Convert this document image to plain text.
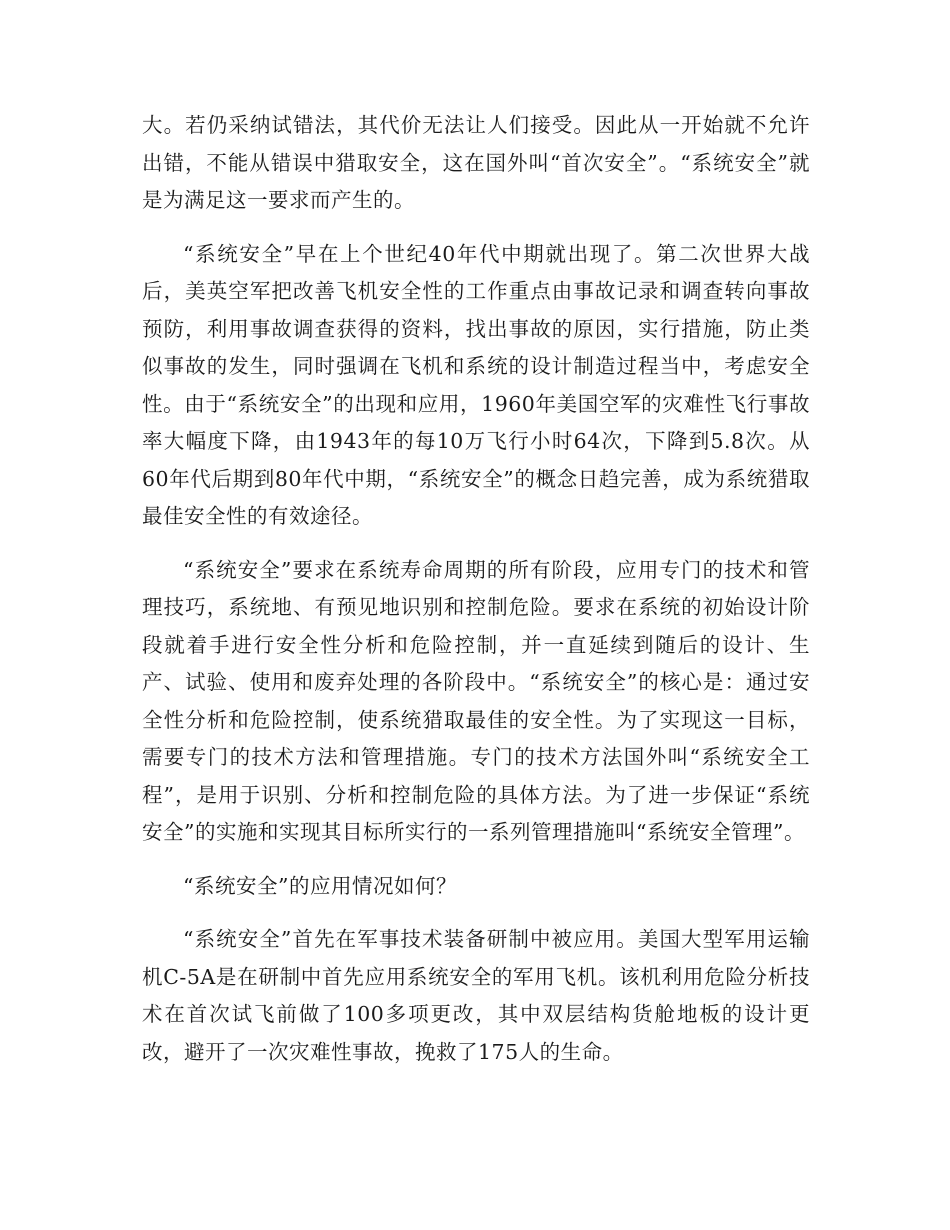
大。若仍采纳试错法，其代价无法让人们接受。因此从一开始就不允许出错，不能从错误中猎取安全，这在国外叫“首次安全”。“系统安全”就是为满足这一要求而产生的。

“系统安全”早在上个世纪40年代中期就出现了。第二次世界大战后，美英空军把改善飞机安全性的工作重点由事故记录和调查转向事故预防，利用事故调查获得的资料，找出事故的原因，实行措施，防止类似事故的发生，同时强调在飞机和系统的设计制造过程当中，考虑安全性。由于“系统安全”的出现和应用，1960年美国空军的灾难性飞行事故率大幅度下降，由1943年的每10万飞行小时64次，下降到5.8次。从60年代后期到80年代中期，“系统安全”的概念日趋完善，成为系统猎取最佳安全性的有效途径。

“系统安全”要求在系统寿命周期的所有阶段，应用专门的技术和管理技巧，系统地、有预见地识别和控制危险。要求在系统的初始设计阶段就着手进行安全性分析和危险控制，并一直延续到随后的设计、生产、试验、使用和废弃处理的各阶段中。“系统安全”的核心是：通过安全性分析和危险控制，使系统猎取最佳的安全性。为了实现这一目标，需要专门的技术方法和管理措施。专门的技术方法国外叫“系统安全工程”，是用于识别、分析和控制危险的具体方法。为了进一步保证“系统安全”的实施和实现其目标所实行的一系列管理措施叫“系统安全管理”。

“系统安全”的应用情况如何？

“系统安全”首先在军事技术装备研制中被应用。美国大型军用运输机C-5A是在研制中首先应用系统安全的军用飞机。该机利用危险分析技术在首次试飞前做了100多项更改，其中双层结构货舱地板的设计更改，避开了一次灾难性事故，挽救了175人的生命。
